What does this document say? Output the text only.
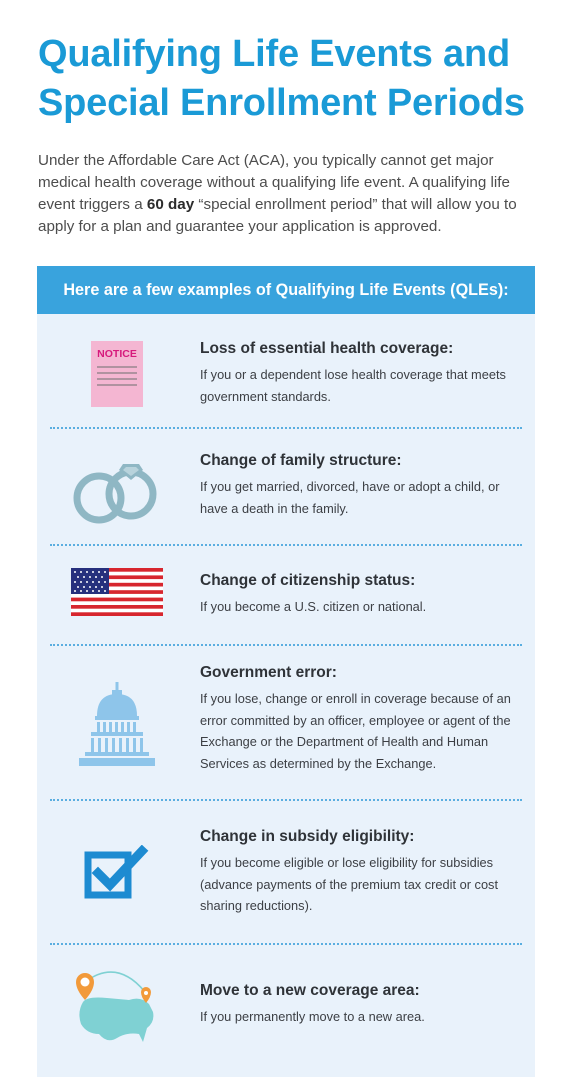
Qualifying Life Events and
Special Enrollment Periods

Under the Affordable Care Act (ACA), you typically cannot get major medical health coverage without a qualifying life event. A qualifying life event triggers a 60 day “special enrollment period” that will allow you to apply for a plan and guarantee your application is approved.

Here are a few examples of Qualifying Life Events (QLEs):
NOTICE	Loss of essential health coverage:

If you or a dependent lose health coverage that meets government standards.

Change of family structure:

If you get married, divorced, have or adopt a child, or have a death in the family.

Change of citizenship status:

If you become a U.S. citizen or national.

Government error:

If you lose, change or enroll in coverage because of an error committed by an officer, employee or agent of the Exchange or the Department of Health and Human Services as determined by the Exchange.

Change in subsidy eligibility:

If you become eligible or lose eligibility for subsidies (advance payments of the premium tax credit or cost sharing reductions).

Move to a new coverage area:

If you permanently move to a new area.
